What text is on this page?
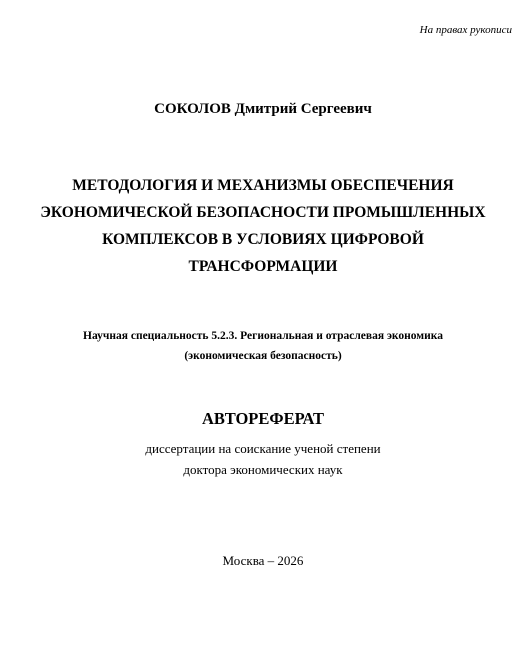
На правах рукописи
СОКОЛОВ Дмитрий Сергеевич
МЕТОДОЛОГИЯ И МЕХАНИЗМЫ ОБЕСПЕЧЕНИЯ
ЭКОНОМИЧЕСКОЙ БЕЗОПАСНОСТИ ПРОМЫШЛЕННЫХ
КОМПЛЕКСОВ В УСЛОВИЯХ ЦИФРОВОЙ
ТРАНСФОРМАЦИИ
Научная специальность 5.2.3. Региональная и отраслевая экономика
(экономическая безопасность)
АВТОРЕФЕРАТ
диссертации на соискание ученой степени
доктора экономических наук
Москва – 2026
